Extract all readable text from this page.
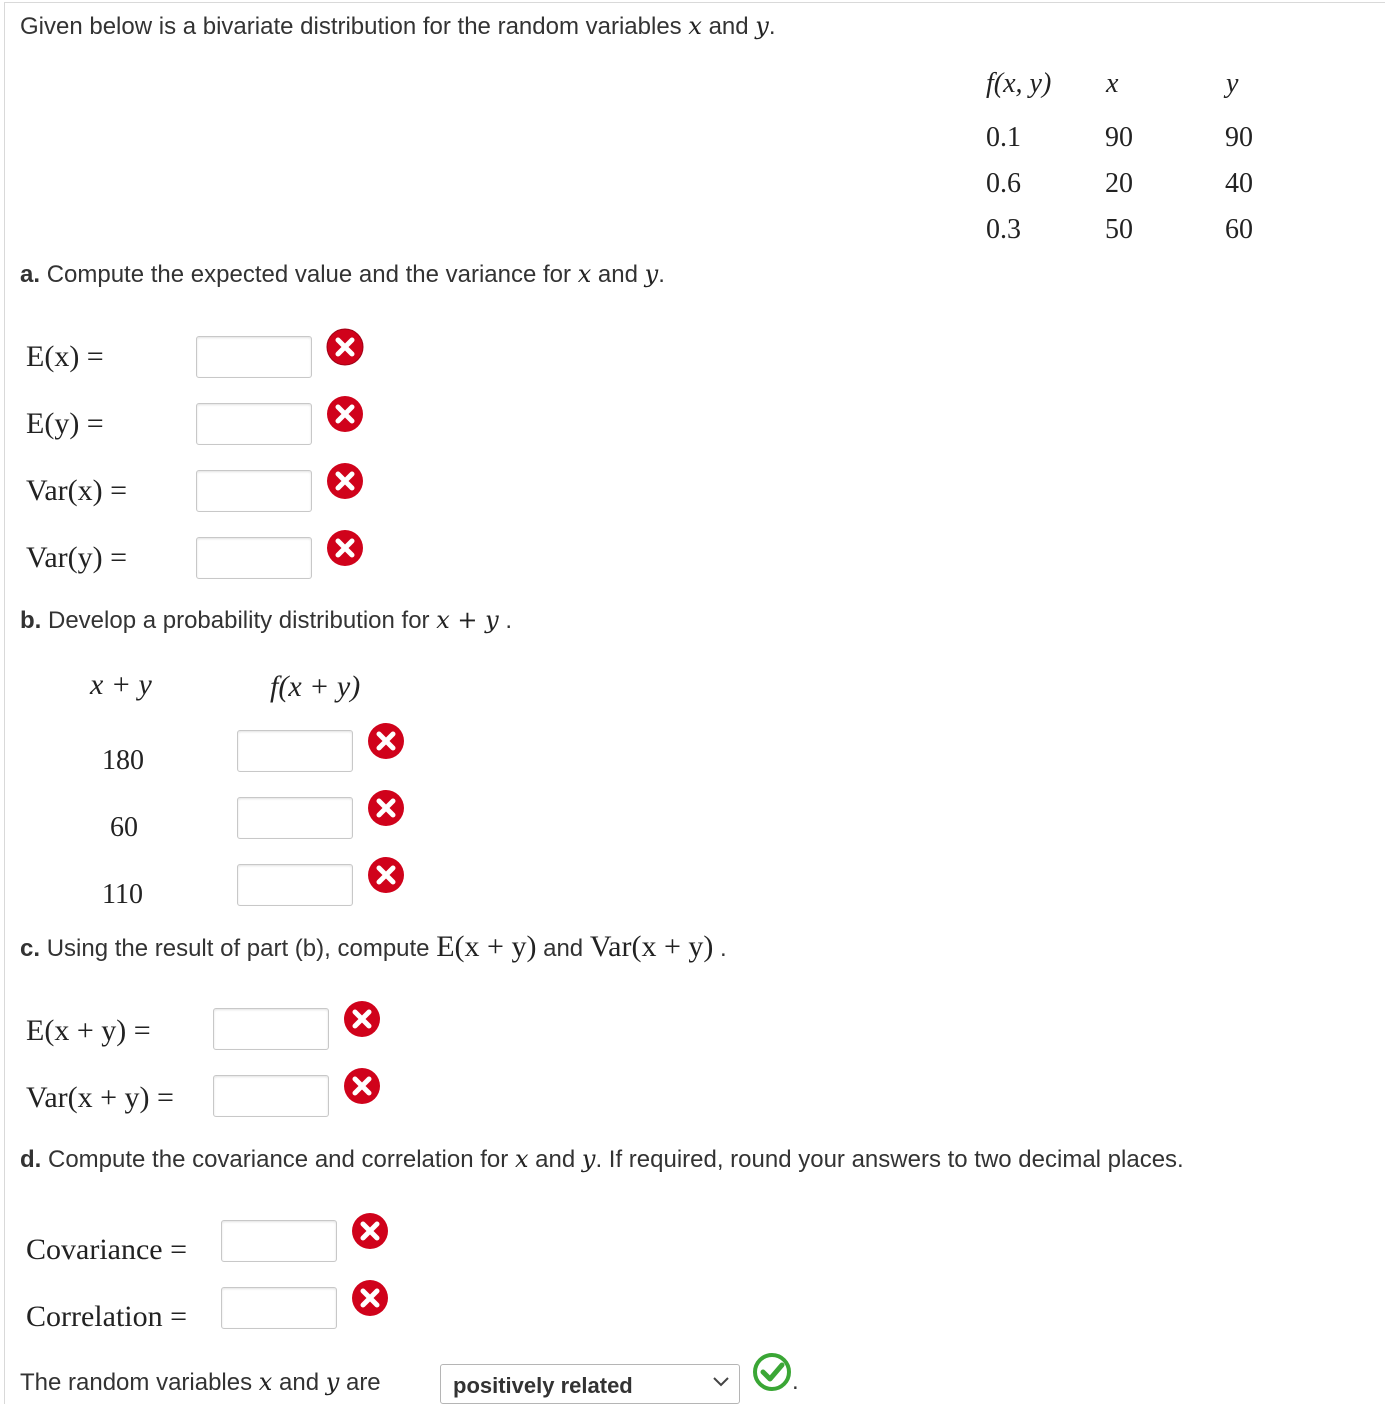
Given below is a bivariate distribution for the random variables x and y.
f(x, y) x	y
0.1	90	90
0.6	20	40
0.3	50	60
a. Compute the expected value and the variance for x and y.
E(x) =
E(y) =
Var(x) =
Var(y) =
b. Develop a probability distribution for x + y .
x + y	f(x + y)
180
60
110
c. Using the result of part (b), compute E(x + y) and Var(x + y) .
E(x + y) =
Var(x + y) =
d. Compute the covariance and correlation for x and y. If required, round your answers to two decimal places.
Covariance =
Correlation =
The random variables x and y are	positively related	.
